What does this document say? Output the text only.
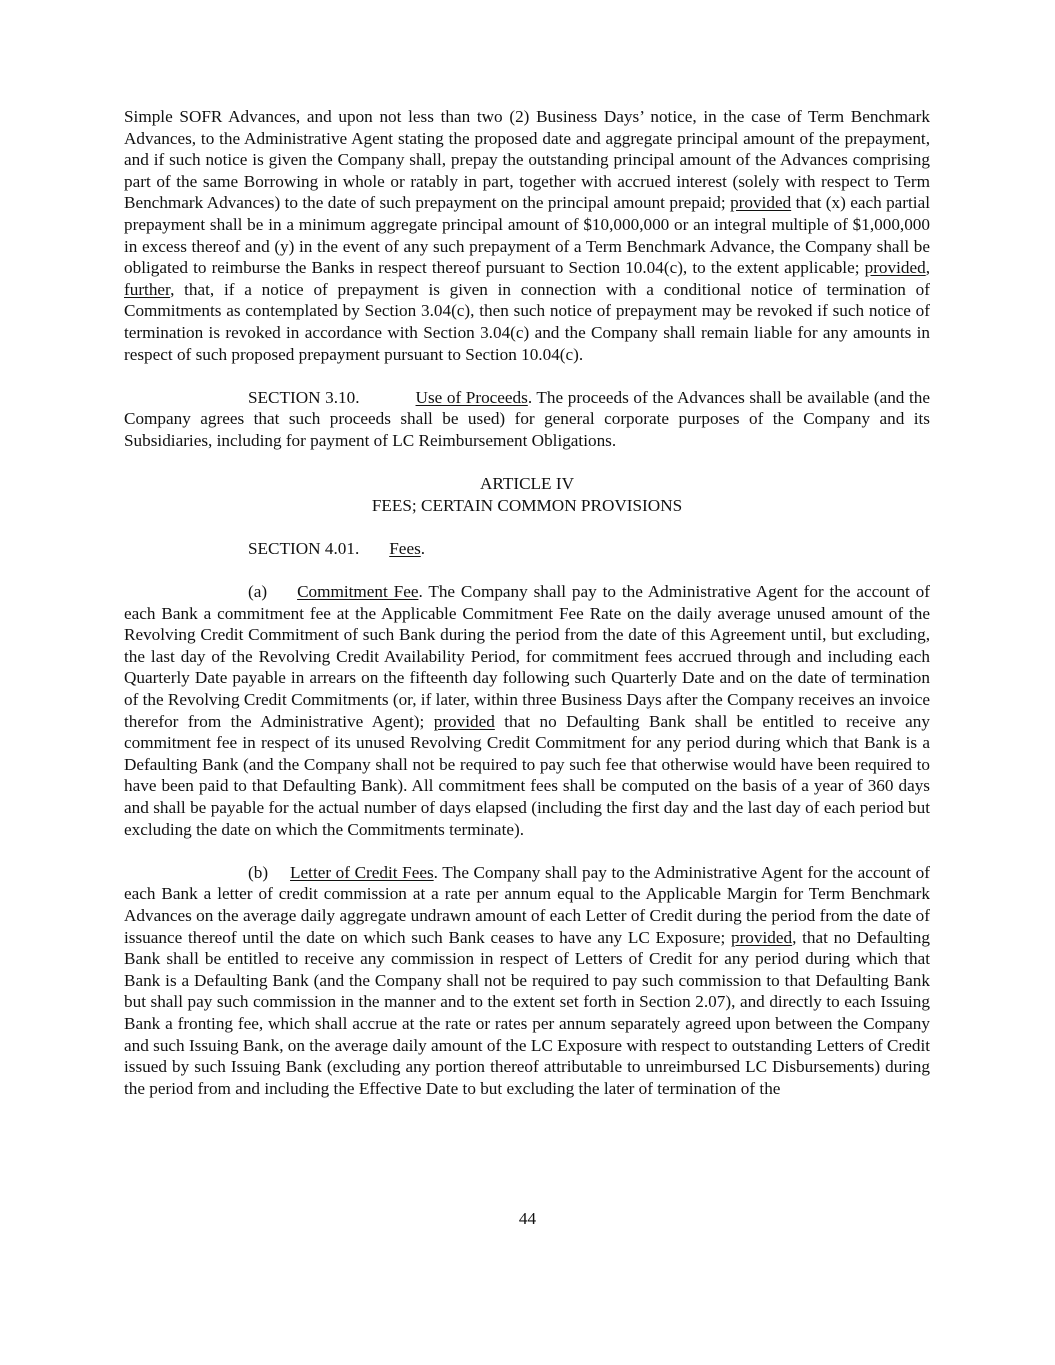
Simple SOFR Advances, and upon not less than two (2) Business Days’ notice, in the case of Term Benchmark Advances, to the Administrative Agent stating the proposed date and aggregate principal amount of the prepayment, and if such notice is given the Company shall, prepay the outstanding principal amount of the Advances comprising part of the same Borrowing in whole or ratably in part, together with accrued interest (solely with respect to Term Benchmark Advances) to the date of such prepayment on the principal amount prepaid; provided that (x) each partial prepayment shall be in a minimum aggregate principal amount of $10,000,000 or an integral multiple of $1,000,000 in excess thereof and (y) in the event of any such prepayment of a Term Benchmark Advance, the Company shall be obligated to reimburse the Banks in respect thereof pursuant to Section 10.04(c), to the extent applicable; provided, further, that, if a notice of prepayment is given in connection with a conditional notice of termination of Commitments as contemplated by Section 3.04(c), then such notice of prepayment may be revoked if such notice of termination is revoked in accordance with Section 3.04(c) and the Company shall remain liable for any amounts in respect of such proposed prepayment pursuant to Section 10.04(c).

SECTION 3.10.	Use of Proceeds. The proceeds of the Advances shall be available (and the Company agrees that such proceeds shall be used) for general corporate purposes of the Company and its Subsidiaries, including for payment of LC Reimbursement Obligations.

ARTICLE IV

FEES; CERTAIN COMMON PROVISIONS

SECTION 4.01. Fees.

(a) Commitment Fee. The Company shall pay to the Administrative Agent for the account of each Bank a commitment fee at the Applicable Commitment Fee Rate on the daily average unused amount of the Revolving Credit Commitment of such Bank during the period from the date of this Agreement until, but excluding, the last day of the Revolving Credit Availability Period, for commitment fees accrued through and including each Quarterly Date payable in arrears on the fifteenth day following such Quarterly Date and on the date of termination of the Revolving Credit Commitments (or, if later, within three Business Days after the Company receives an invoice therefor from the Administrative Agent); provided that no Defaulting Bank shall be entitled to receive any commitment fee in respect of its unused Revolving Credit Commitment for any period during which that Bank is a Defaulting Bank (and the Company shall not be required to pay such fee that otherwise would have been required to have been paid to that Defaulting Bank). All commitment fees shall be computed on the basis of a year of 360 days and shall be payable for the actual number of days elapsed (including the first day and the last day of each period but excluding the date on which the Commitments terminate).

(b) Letter of Credit Fees. The Company shall pay to the Administrative Agent for the account of each Bank a letter of credit commission at a rate per annum equal to the Applicable Margin for Term Benchmark Advances on the average daily aggregate undrawn amount of each Letter of Credit during the period from the date of issuance thereof until the date on which such Bank ceases to have any LC Exposure; provided, that no Defaulting Bank shall be entitled to receive any commission in respect of Letters of Credit for any period during which that Bank is a Defaulting Bank (and the Company shall not be required to pay such commission to that Defaulting Bank but shall pay such commission in the manner and to the extent set forth in Section 2.07), and directly to each Issuing Bank a fronting fee, which shall accrue at the rate or rates per annum separately agreed upon between the Company and such Issuing Bank, on the average daily amount of the LC Exposure with respect to outstanding Letters of Credit issued by such Issuing Bank (excluding any portion thereof attributable to unreimbursed LC Disbursements) during the period from and including the Effective Date to but excluding the later of termination of the

44
